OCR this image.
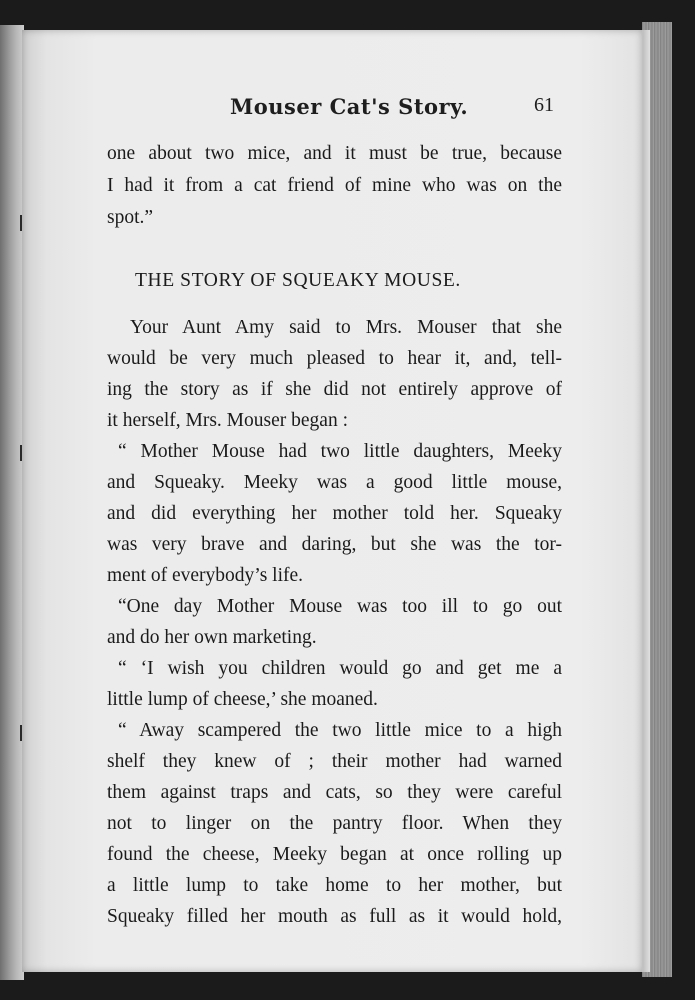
Mouser Cat's Story.	61
one about two mice, and it must be true, because
I had it from a cat friend of mine who was on the
spot.”
THE STORY OF SQUEAKY MOUSE.
Your Aunt Amy said to Mrs. Mouser that she
would be very much pleased to hear it, and, tell-
ing the story as if she did not entirely approve of
it herself, Mrs. Mouser began :
“ Mother Mouse had two little daughters, Meeky
and Squeaky. Meeky was a good little mouse,
and did everything her mother told her. Squeaky
was very brave and daring, but she was the tor-
ment of everybody’s life.
“One day Mother Mouse was too ill to go out
and do her own marketing.
“ ‘I wish you children would go and get me a
little lump of cheese,’ she moaned.
“ Away scampered the two little mice to a high
shelf they knew of ; their mother had warned
them against traps and cats, so they were careful
not to linger on the pantry floor. When they
found the cheese, Meeky began at once rolling up
a little lump to take home to her mother, but
Squeaky filled her mouth as full as it would hold,
